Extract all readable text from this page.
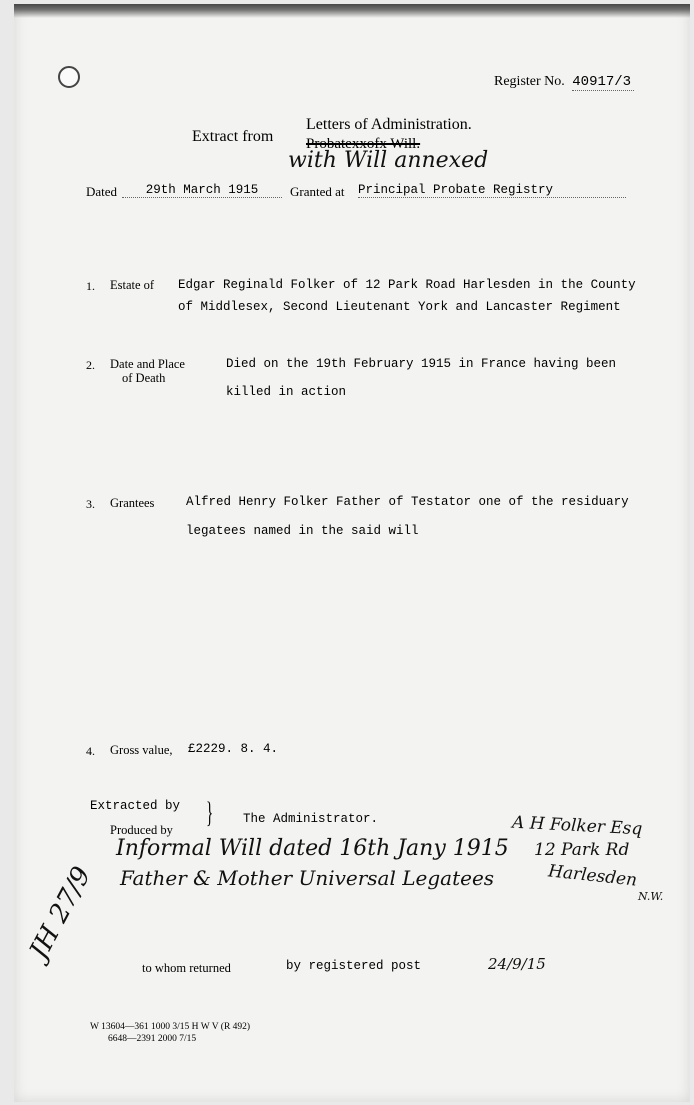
Register No. 40917/3
Extract from
Letters of Administration.
Probatexxofx Will.
with Will annexed
Dated	29th March 1915	Granted at Principal Probate Registry
1. Estate of Edgar Reginald Folker of 12 Park Road Harlesden in the County
of Middlesex, Second Lieutenant York and Lancaster Regiment
2. Date and Place
of Death
Died on the 19th February 1915 in France having been
killed in action
3. Grantees	Alfred Henry Folker Father of Testator one of the residuary
legatees named in the said will
4. Gross value, £2229. 8. 4.
Extracted by
Produced by
} The Administrator.
Informal Will dated 16th Jany 1915
Father & Mother Universal Legatees
A H Folker Esq
12 Park Rd
Harlesden
N.W.
JH 27/9
to whom returned	by registered post	24/9/15
W 13604—361 1000 3/15 H W V (R 492)
6648—2391 2000 7/15
